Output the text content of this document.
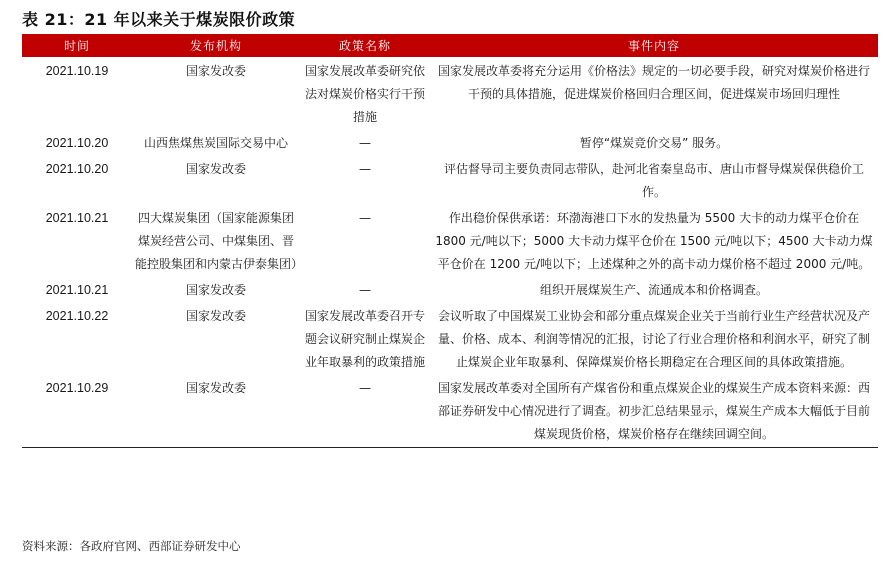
表 21：21 年以来关于煤炭限价政策
时间	发布机构	政策名称	事件内容
2021.10.19	国家发改委	国家发展改革委研究依法对煤炭价格实行干预措施	国家发展改革委将充分运用《价格法》规定的一切必要手段，研究对煤炭价格进行干预的具体措施，促进煤炭价格回归合理区间，促进煤炭市场回归理性
2021.10.20	山西焦煤焦炭国际交易中心	—	暂停“煤炭竞价交易” 服务。
2021.10.20	国家发改委	—	评估督导司主要负责同志带队，赴河北省秦皇岛市、唐山市督导煤炭保供稳价工作。
2021.10.21	四大煤炭集团（国家能源集团煤炭经营公司、中煤集团、晋能控股集团和内蒙古伊泰集团）	—	作出稳价保供承诺：环渤海港口下水的发热量为 5500 大卡的动力煤平仓价在 1800 元/吨以下；5000 大卡动力煤平仓价在 1500 元/吨以下；4500 大卡动力煤平仓价在 1200 元/吨以下；上述煤种之外的高卡动力煤价格不超过 2000 元/吨。
2021.10.21	国家发改委	—	组织开展煤炭生产、流通成本和价格调查。
2021.10.22	国家发改委	国家发展改革委召开专题会议研究制止煤炭企业年取暴利的政策措施	会议听取了中国煤炭工业协会和部分重点煤炭企业关于当前行业生产经营状况及产量、价格、成本、利润等情况的汇报，讨论了行业合理价格和利润水平，研究了制止煤炭企业年取暴利、保障煤炭价格长期稳定在合理区间的具体政策措施。
2021.10.29	国家发改委	—	国家发展改革委对全国所有产煤省份和重点煤炭企业的煤炭生产成本资料来源：西部证券研发中心情况进行了调查。初步汇总结果显示，煤炭生产成本大幅低于目前煤炭现货价格，煤炭价格存在继续回调空间。
资料来源：各政府官网、西部证券研发中心
